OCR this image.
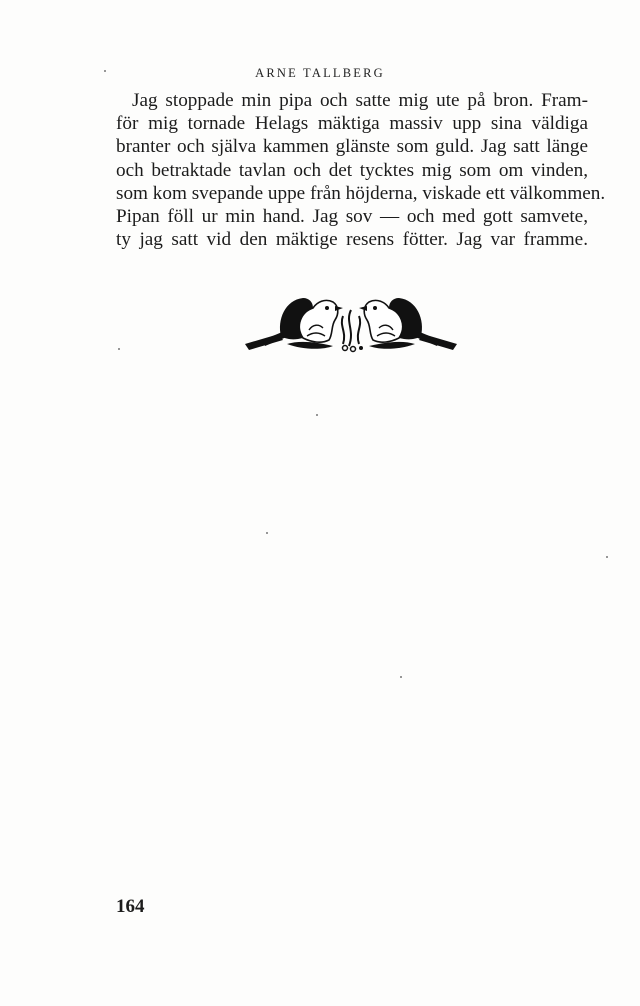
ARNE TALLBERG
Jag stoppade min pipa och satte mig ute på bron. Fram-
för mig tornade Helags mäktiga massiv upp sina väldiga
branter och själva kammen glänste som guld. Jag satt länge
och betraktade tavlan och det tycktes mig som om vinden,
som kom svepande uppe från höjderna, viskade ett välkommen.
Pipan föll ur min hand. Jag sov — och med gott samvete,
ty jag satt vid den mäktige resens fötter. Jag var framme.
164
